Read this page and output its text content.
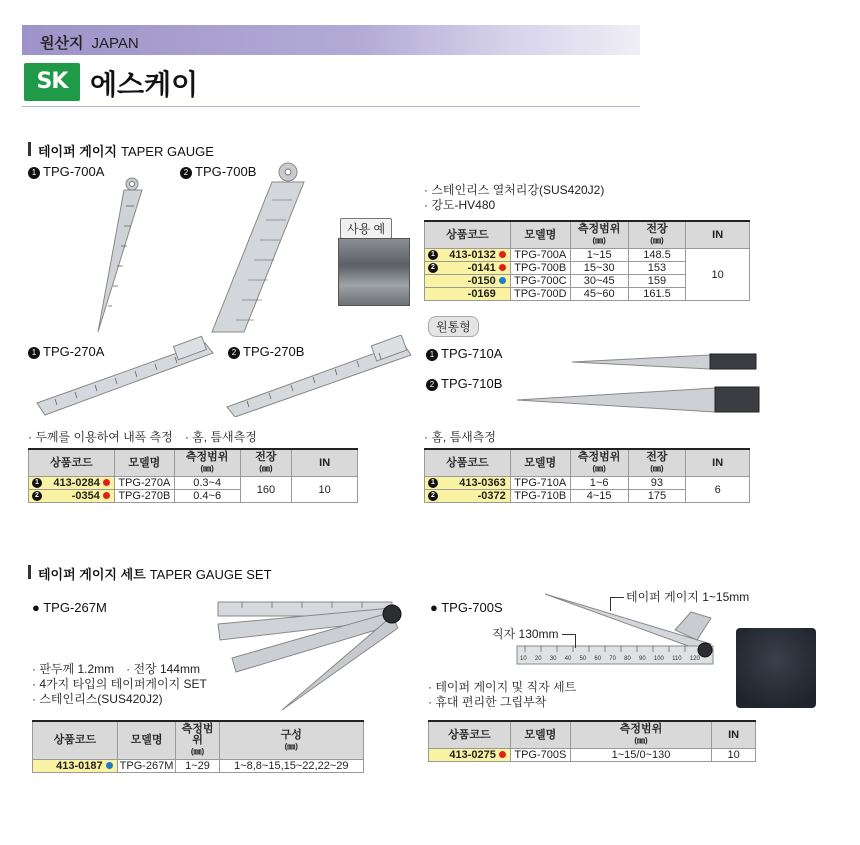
원산지 JAPAN
SK 에스케이
테이퍼 게이지 TAPER GAUGE
1 TPG-700A	2 TPG-700B
사용 예
· 스테인리스 열처리강(SUS420J2)
· 강도-HV480
상품코드	모델명	측정범위
(㎜)	전장
(㎜)	IN

1 413-0132	TPG-700A	1~15	148.5	10

2 -0141	TPG-700B	15~30	153	
-0150	TPG-700C	30~45	159	
-0169	TPG-700D	45~60	161.5	
1 TPG-270A	2 TPG-270B
원통형
1 TPG-710A
2 TPG-710B
· 두께를 이용하여 내폭 측정　· 홈, 틈새측정
상품코드	모델명	측정범위
(㎜)	전장
(㎜)	IN

1 413-0284	TPG-270A	0.3~4	160	10

2 -0354	TPG-270B	0.4~6		
· 홈, 틈새측정
상품코드	모델명	측정범위
(㎜)	전장
(㎜)	IN

1 413-0363	TPG-710A	1~6	93	6

2 -0372	TPG-710B	4~15	175	
테이퍼 게이지 세트 TAPER GAUGE SET
● TPG-267M	● TPG-700S
10 20 30 40 50 60 70 80 90 100 110 120
테이퍼 게이지 1~15mm
직자 130mm
· 판두께 1.2mm　· 전장 144mm
· 4가지 타입의 테이퍼게이지 SET
· 스테인리스(SUS420J2)
· 테이퍼 게이지 및 직자 세트
· 휴대 편리한 그립부착
상품코드	모델명	측정범위
(㎜)	구성
(㎜)

413-0187	TPG-267M	1~29	1~8,8~15,15~22,22~29
상품코드	모델명	측정범위
(㎜)	IN
413-0275	TPG-700S	1~15/0~130	10
